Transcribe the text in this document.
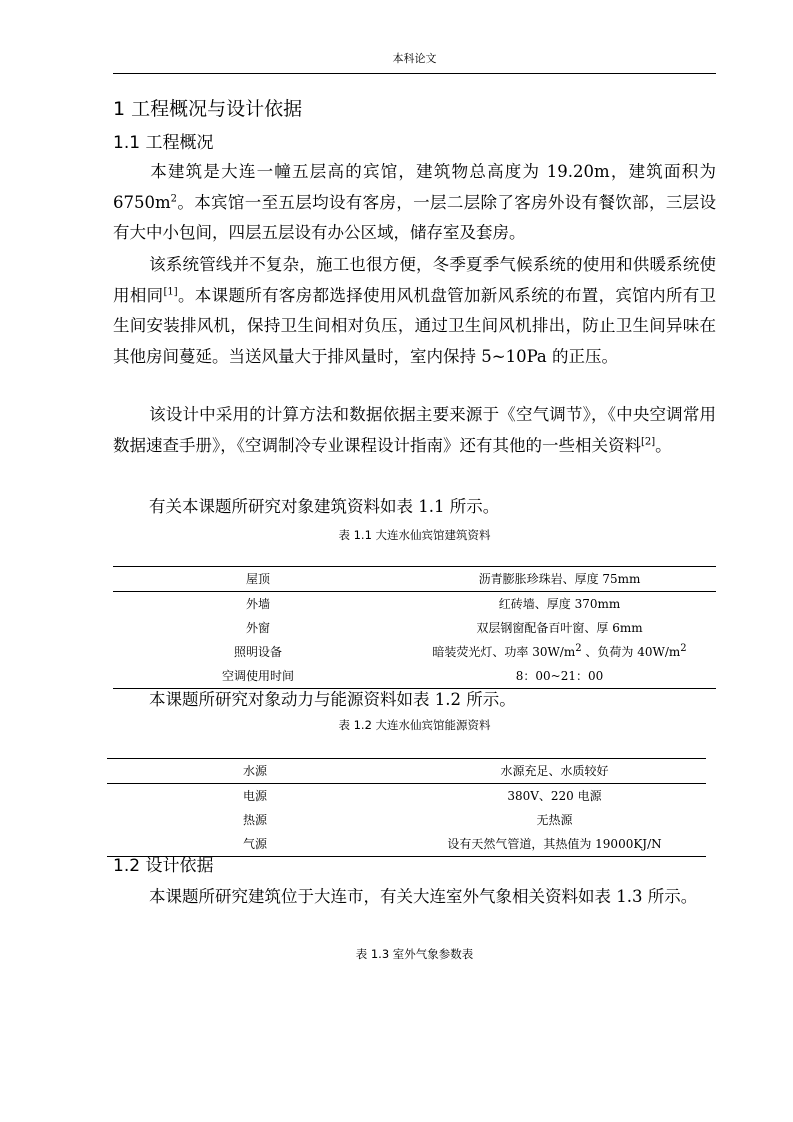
本科论文
1 工程概况与设计依据
1.1 工程概况
本建筑是大连一幢五层高的宾馆，建筑物总高度为 19.20m，建筑面积为 $6750m^2$。本宾馆一至五层均设有客房，一层二层除了客房外设有餐饮部，三层设有大中小包间，四层五层设有办公区域，储存室及套房。
该系统管线并不复杂，施工也很方便，冬季夏季气候系统的使用和供暖系统使用相同[1]。本课题所有客房都选择使用风机盘管加新风系统的布置，宾馆内所有卫生间安装排风机，保持卫生间相对负压，通过卫生间风机排出，防止卫生间异味在其他房间蔓延。当送风量大于排风量时，室内保持 5~10Pa 的正压。
该设计中采用的计算方法和数据依据主要来源于《空气调节》，《中央空调常用数据速查手册》，《空调制冷专业课程设计指南》还有其他的一些相关资料[2]。
有关本课题所研究对象建筑资料如表 1.1 所示。
表 1.1 大连水仙宾馆建筑资料
屋顶	沥青膨胀珍珠岩、厚度 75mm
外墙	红砖墙、厚度 370mm
外窗	双层钢窗配备百叶窗、厚 6mm
照明设备	暗装荧光灯、功率 $30W/m^2$ 、负荷为 $40W/m^2$
空调使用时间	8：00~21：00
本课题所研究对象动力与能源资料如表 1.2 所示。
表 1.2 大连水仙宾馆能源资料
水源	水源充足、水质较好
电源	380V、220 电源
热源	无热源
气源	设有天然气管道，其热值为 19000KJ/N
1.2 设计依据
本课题所研究建筑位于大连市，有关大连室外气象相关资料如表 1.3 所示。
表 1.3 室外气象参数表
